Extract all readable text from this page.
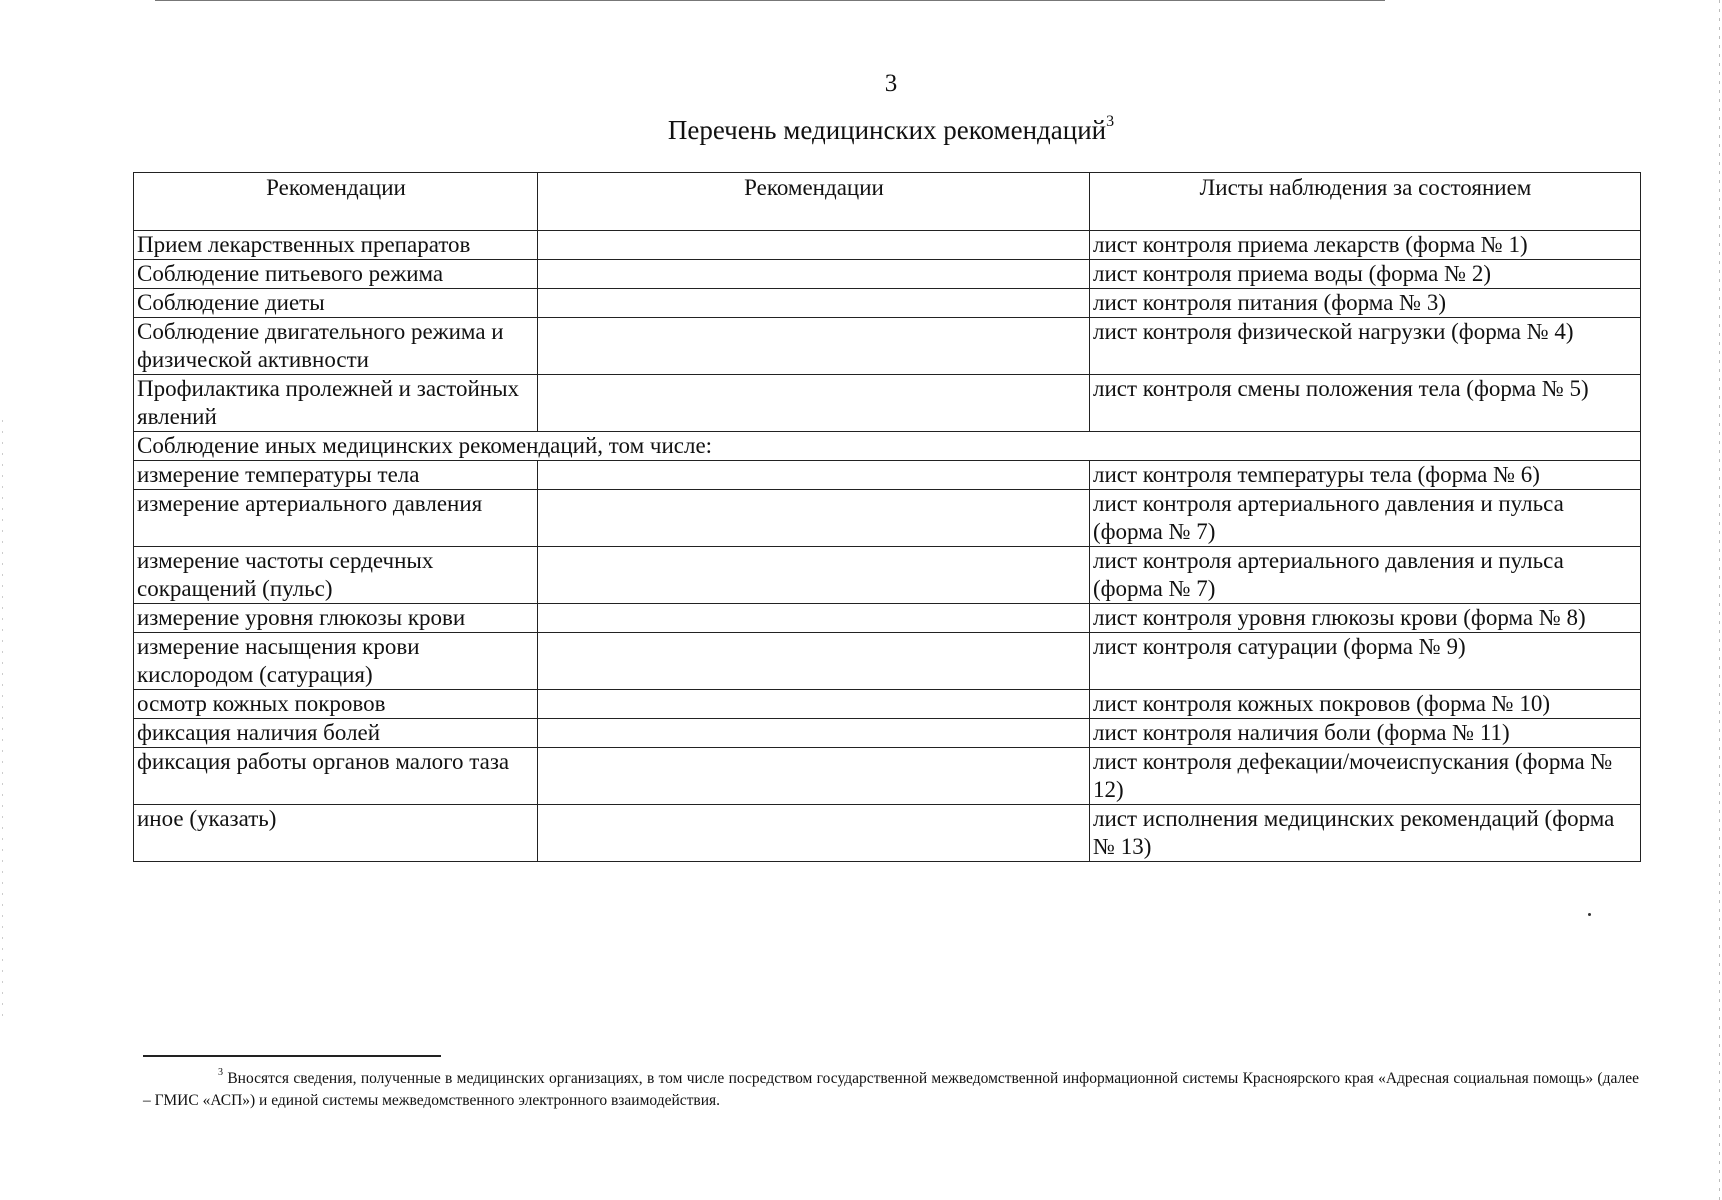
3
Перечень медицинских рекомендаций$^3$
Рекомендации	Рекомендации	Листы наблюдения за состоянием
Прием лекарственных препаратов		лист контроля приема лекарств (форма № 1)
Соблюдение питьевого режима		лист контроля приема воды (форма № 2)
Соблюдение диеты		лист контроля питания (форма № 3)
Соблюдение двигательного режима и физической активности		лист контроля физической нагрузки (форма № 4)
Профилактика пролежней и застойных явлений		лист контроля смены положения тела (форма № 5)
Соблюдение иных медицинских рекомендаций, том числе:		
измерение температуры тела		лист контроля температуры тела (форма № 6)
измерение артериального давления		лист контроля артериального давления и пульса (форма № 7)
измерение частоты сердечных сокращений (пульс)		лист контроля артериального давления и пульса (форма № 7)
измерение уровня глюкозы крови		лист контроля уровня глюкозы крови (форма № 8)
измерение насыщения крови кислородом (сатурация)		лист контроля сатурации (форма № 9)
осмотр кожных покровов		лист контроля кожных покровов (форма № 10)
фиксация наличия болей		лист контроля наличия боли (форма № 11)
фиксация работы органов малого таза		лист контроля дефекации/мочеиспускания (форма № 12)
иное (указать)		лист исполнения медицинских рекомендаций (форма № 13)
$^3$ Вносятся сведения, полученные в медицинских организациях, в том числе посредством государственной межведомственной информационной системы Красноярского края «Адресная социальная помощь» (далее – ГМИС «АСП») и единой системы межведомственного электронного взаимодействия.
